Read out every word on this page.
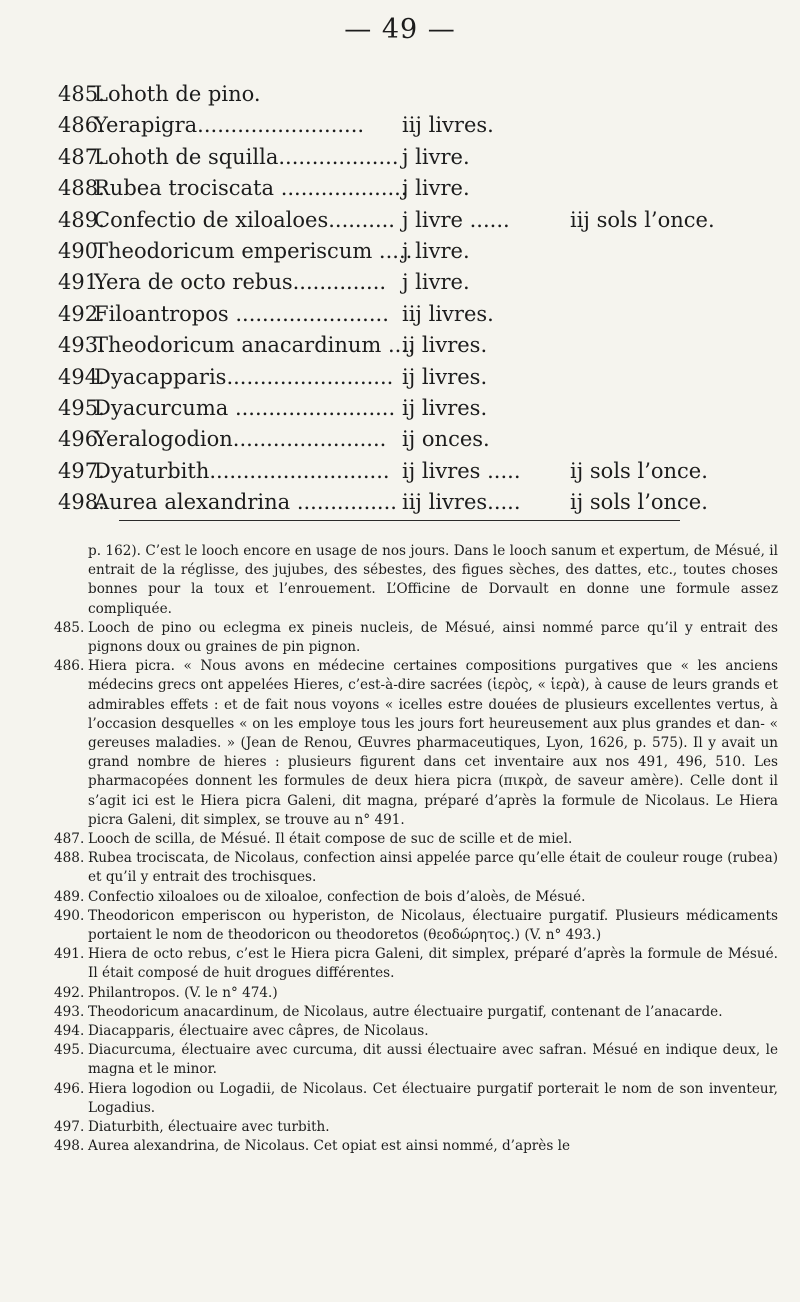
— 49 —
485.
Lohoth de pino.
486.
Yerapigra......................... iij livres.
487.
Lohoth de squilla.................. j livre.
488.
Rubea trociscata ...................
j livre.
489.
Confectio de xiloaloes.......... j livre ......	iij sols l’once.
490.
Theodoricum emperiscum .....
j livre.
491.
Yera de octo rebus.............. j livre.
492.
Filoantropos ....................... iij livres.
493.
Theodoricum anacardinum ....
ij livres.
494.
Dyacapparis......................... ij livres.
495.
Dyacurcuma ........................ ij livres.
496.
Yeralogodion....................... ij onces.
497.
Dyaturbith........................... ij livres ..... ij sols l’once.
498.
Aurea alexandrina ............... iij livres..... ij sols l’once.
p. 162). C’est le looch encore en usage de nos jours. Dans le looch sanum et expertum, de Mésué, il entrait de la réglisse, des jujubes, des sébestes, des figues sèches, des dattes, etc., toutes choses bonnes pour la toux et l’enrouement. L’Officine de Dorvault en donne une formule assez compliquée.
485. Looch de pino ou eclegma ex pineis nucleis, de Mésué, ainsi nommé parce qu’il y entrait des pignons doux ou graines de pin pignon.
486. Hiera picra. « Nous avons en médecine certaines compositions purgatives que « les anciens médecins grecs ont appelées Hieres, c’est-à-dire sacrées (ἱερὸς, « ἱερὰ), à cause de leurs grands et admirables effets : et de fait nous voyons « icelles estre douées de plusieurs excellentes vertus, à l’occasion desquelles « on les employe tous les jours fort heureusement aux plus grandes et dan- « gereuses maladies. » (Jean de Renou, Œuvres pharmaceutiques, Lyon, 1626, p. 575). Il y avait un grand nombre de hieres : plusieurs figurent dans cet inventaire aux nos 491, 496, 510. Les pharmacopées donnent les formules de deux hiera picra (πικρὰ, de saveur amère). Celle dont il s’agit ici est le Hiera picra Galeni, dit magna, préparé d’après la formule de Nicolaus. Le Hiera picra Galeni, dit simplex, se trouve au n° 491.
487. Looch de scilla, de Mésué. Il était compose de suc de scille et de miel.
488. Rubea trociscata, de Nicolaus, confection ainsi appelée parce qu’elle était de couleur rouge (rubea) et qu’il y entrait des trochisques.
489. Confectio xiloaloes ou de xiloaloe, confection de bois d’aloès, de Mésué.
490. Theodoricon emperiscon ou hyperiston, de Nicolaus, électuaire purgatif. Plusieurs médicaments portaient le nom de theodoricon ou theodoretos (θεοδώρητος.) (V. n° 493.)
491. Hiera de octo rebus, c’est le Hiera picra Galeni, dit simplex, préparé d’après la formule de Mésué. Il était composé de huit drogues différentes.
492. Philantropos. (V. le n° 474.)
493. Theodoricum anacardinum, de Nicolaus, autre électuaire purgatif, contenant de l’anacarde.
494. Diacapparis, électuaire avec câpres, de Nicolaus.
495. Diacurcuma, électuaire avec curcuma, dit aussi électuaire avec safran. Mésué en indique deux, le magna et le minor.
496. Hiera logodion ou Logadii, de Nicolaus. Cet électuaire purgatif porterait le nom de son inventeur, Logadius.
497. Diaturbith, électuaire avec turbith.
498. Aurea alexandrina, de Nicolaus. Cet opiat est ainsi nommé, d’après le
